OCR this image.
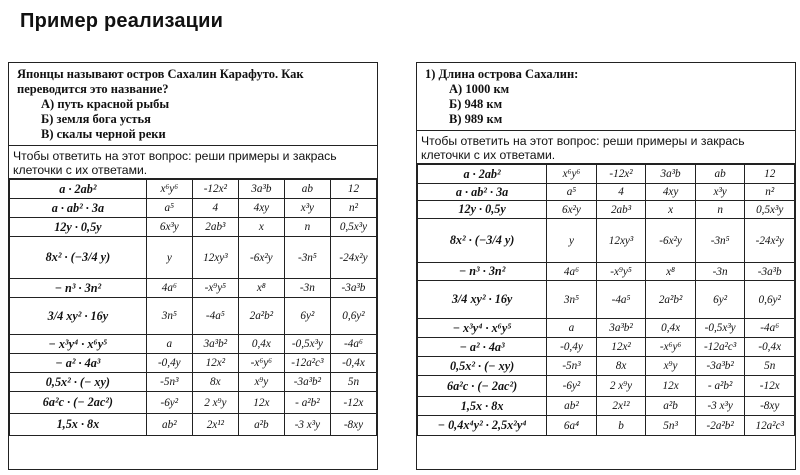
Пример реализации
Японцы называют остров Сахалин Карафуто. Как переводится это название?
А) путь красной рыбы
Б) земля бога устья
В) скалы черной реки
Чтобы ответить на этот вопрос: реши примеры и закрась клеточки с их ответами.
a · 2ab²	x⁶y⁶	-12x²	3a³b	ab	12
a · ab² · 3a	a⁵	4	4xy	x³y	n²
12y · 0,5y	6x³y	2ab³	x	n	0,5x³y
8x² · (−3/4 y)	y	12xy³	-6x²y	-3n⁵	-24x²y
− n³ · 3n²	4a⁶	-x⁹y⁵	x⁸	-3n	-3a³b
3/4 xy² · 16y	3n⁵	-4a⁵	2a²b²	6y²	0,6y²
− x³y⁴ · x⁶y⁵	a	3a³b²	0,4x	-0,5x³y	-4a⁶
− a² · 4a³	-0,4y	12x²	-x⁶y⁶	-12a²c³	-0,4x
0,5x² · (− xy)	-5n³	8x	x⁹y	-3a³b²	5n
6a²c · (− 2ac²)	-6y²	2 x⁹y	12x	- a²b²	-12x
1,5x · 8x	ab²	2x¹²	a²b	-3 x³y	-8xy
1) Длина острова Сахалин:
А) 1000 км
Б) 948 км
В) 989 км
Чтобы ответить на этот вопрос: реши примеры и закрась клеточки с их ответами.
a · 2ab²	x⁶y⁶	-12x²	3a³b	ab	12
a · ab² · 3a	a⁵	4	4xy	x³y	n²
12y · 0,5y	6x²y	2ab³	x	n	0,5x³y
8x² · (−3/4 y)	y	12xy³	-6x²y	-3n⁵	-24x²y
− n³ · 3n²	4a⁶	-x⁹y⁵	x⁸	-3n	-3a³b
3/4 xy² · 16y	3n⁵	-4a⁵	2a²b²	6y²	0,6y²
− x³y⁴ · x⁶y⁵	a	3a³b²	0,4x	-0,5x³y	-4a⁶
− a² · 4a³	-0,4y	12x²	-x⁶y⁶	-12a²c³	-0,4x
0,5x² · (− xy)	-5n³	8x	x⁹y	-3a³b²	5n
6a²c · (− 2ac²)	-6y²	2 x⁹y	12x	- a²b²	-12x
1,5x · 8x	ab²	2x¹²	a²b	-3 x³y	-8xy
− 0,4x⁴y² · 2,5x²y⁴	6a⁴	b	5n³	-2a²b²	12a²c³
